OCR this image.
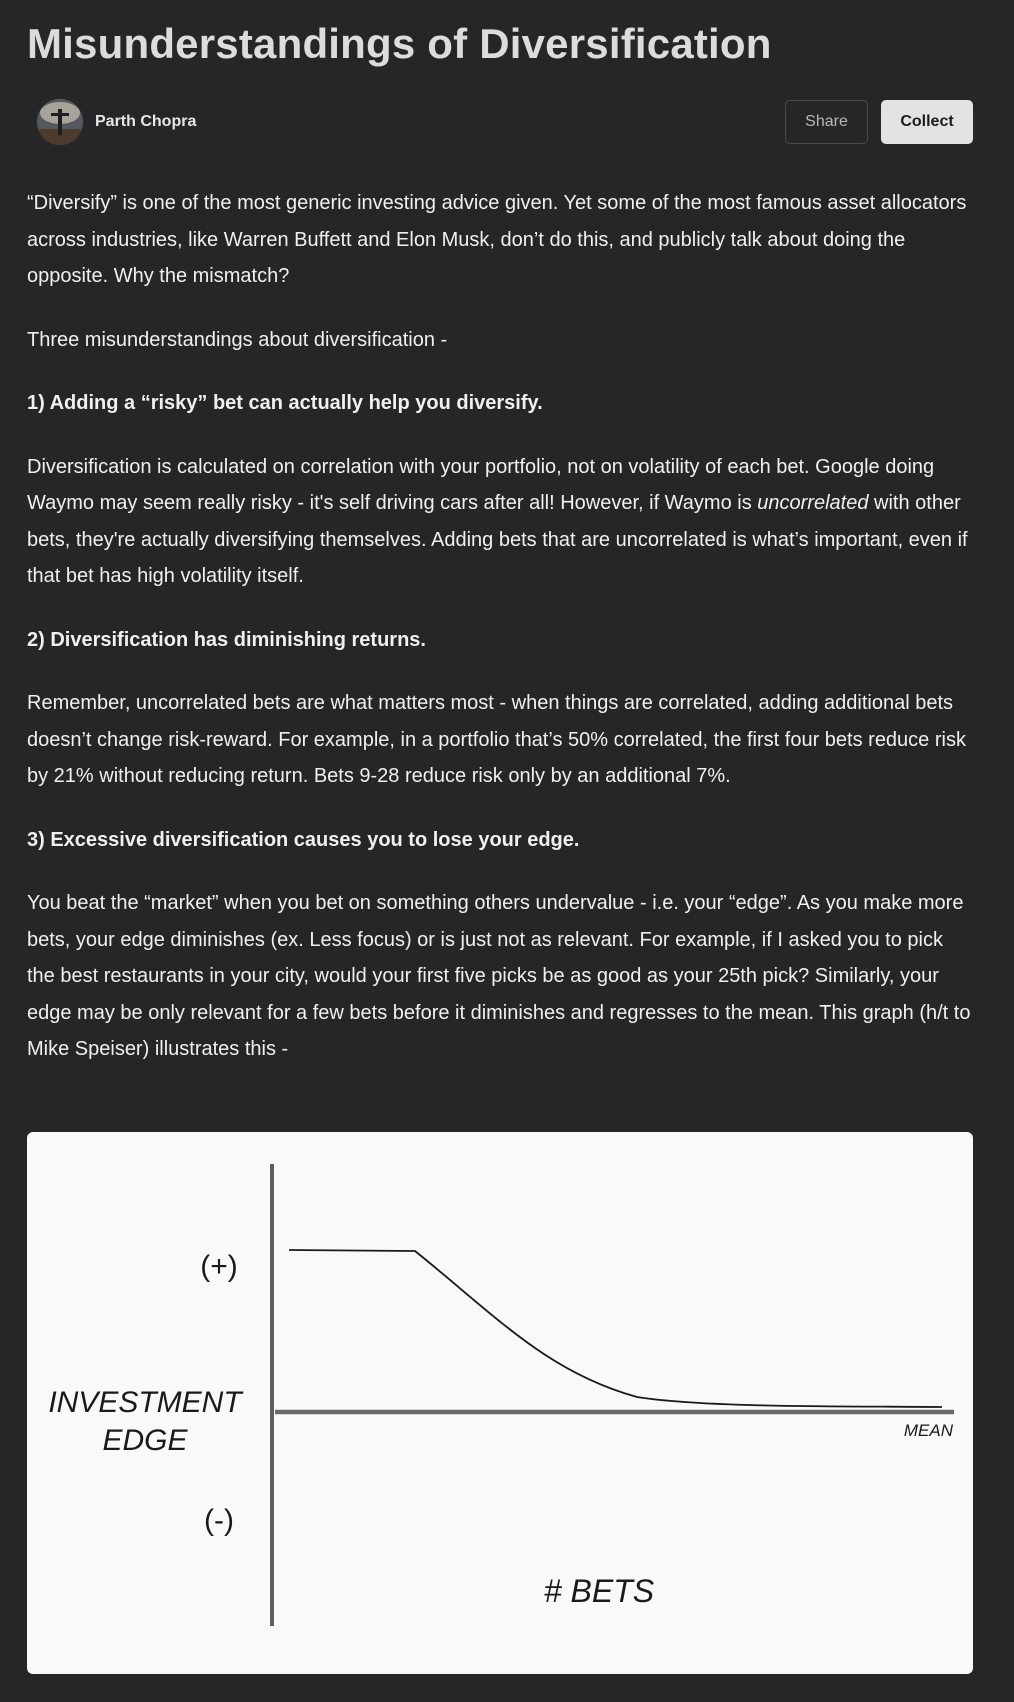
Misunderstandings of Diversification
Parth Chopra	Share	Collect

“Diversify” is one of the most generic investing advice given. Yet some of the most famous asset allocators across industries, like Warren Buffett and Elon Musk, don’t do this, and publicly talk about doing the opposite. Why the mismatch?

Three misunderstandings about diversification -

1) Adding a “risky” bet can actually help you diversify.

Diversification is calculated on correlation with your portfolio, not on volatility of each bet. Google doing Waymo may seem really risky - it's self driving cars after all! However, if Waymo is uncorrelated with other bets, they're actually diversifying themselves. Adding bets that are uncorrelated is what’s important, even if that bet has high volatility itself.

2) Diversification has diminishing returns.

Remember, uncorrelated bets are what matters most - when things are correlated, adding additional bets doesn’t change risk-reward. For example, in a portfolio that’s 50% correlated, the first four bets reduce risk by 21% without reducing return. Bets 9-28 reduce risk only by an additional 7%.

3) Excessive diversification causes you to lose your edge.

You beat the “market” when you bet on something others undervalue - i.e. your “edge”. As you make more bets, your edge diminishes (ex. Less focus) or is just not as relevant. For example, if I asked you to pick the best restaurants in your city, would your first five picks be as good as your 25th pick? Similarly, your edge may be only relevant for a few bets before it diminishes and regresses to the mean. This graph (h/t to Mike Speiser) illustrates this -

(+)
INVESTMENT
EDGE
(-)
MEAN
# BETS
